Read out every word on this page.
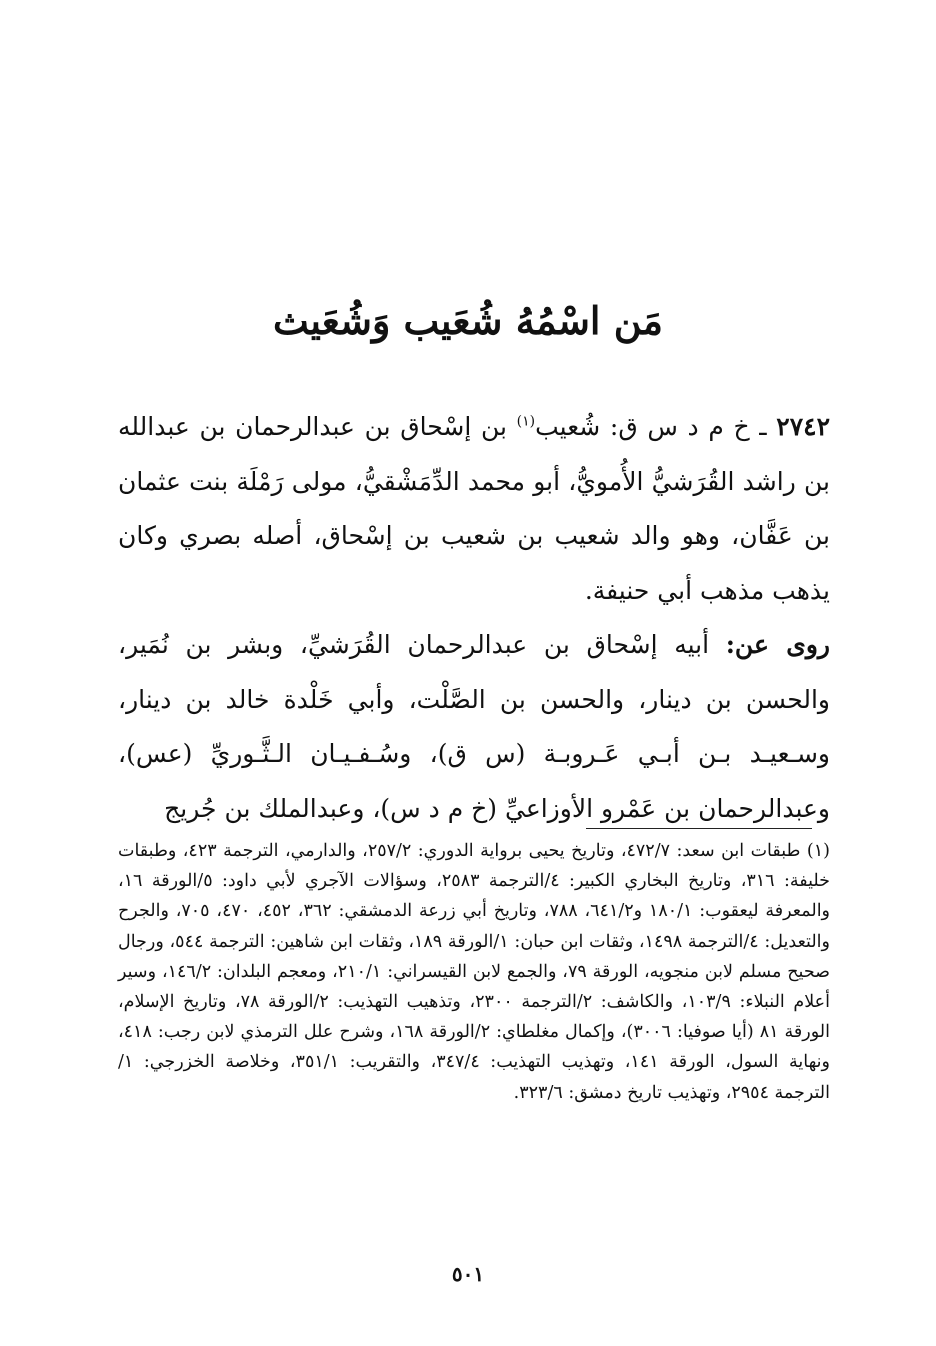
مَن اسْمُهُ شُعَيب وَشُعَيث

٢٧٤٢ ـ خ م د س ق: شُعيب$^{(١)}$ بن إسْحاق بن عبدالرحمان بن عبدالله بن راشد القُرَشيُّ الأُمويُّ، أبو محمد الدِّمَشْقيُّ، مولى رَمْلَة بنت عثمان بن عَفَّان، وهو والد شعيب بن شعيب بن إسْحاق، أصله بصري وكان يذهب مذهب أبي حنيفة.

روى عن: أبيه إسْحاق بن عبدالرحمان القُرَشيِّ، وبشر بن نُمَير، والحسن بن دينار، والحسن بن الصَّلْت، وأبي خَلْدة خالد بن دينار، وسـعيـد بـن أبـي عَـروبـة (س ق)، وسُـفـيـان الـثَّـوريِّ (عس)، وعبدالرحمان بن عَمْرو الأوزاعيِّ (خ م د س)، وعبدالملك بن جُريج

(١) طبقات ابن سعد: ٤٧٢/٧، وتاريخ يحيى برواية الدوري: ٢٥٧/٢، والدارمي، الترجمة ٤٢٣، وطبقات خليفة: ٣١٦، وتاريخ البخاري الكبير: ٤/الترجمة ٢٥٨٣، وسؤالات الآجري لأبي داود: ٥/الورقة ١٦، والمعرفة ليعقوب: ١٨٠/١ و٦٤١/٢، ٧٨٨، وتاريخ أبي زرعة الدمشقي: ٣٦٢، ٤٥٢، ٤٧٠، ٧٠٥، والجرح والتعديل: ٤/الترجمة ١٤٩٨، وثقات ابن حبان: ١/الورقة ١٨٩، وثقات ابن شاهين: الترجمة ٥٤٤، ورجال صحيح مسلم لابن منجويه، الورقة ٧٩، والجمع لابن القيسراني: ٢١٠/١، ومعجم البلدان: ١٤٦/٢، وسير أعلام النبلاء: ١٠٣/٩، والكاشف: ٢/الترجمة ٢٣٠٠، وتذهيب التهذيب: ٢/الورقة ٧٨، وتاريخ الإسلام، الورقة ٨١ (أيا صوفيا: ٣٠٠٦)، وإكمال مغلطاي: ٢/الورقة ١٦٨، وشرح علل الترمذي لابن رجب: ٤١٨، ونهاية السول، الورقة ١٤١، وتهذيب التهذيب: ٣٤٧/٤، والتقريب: ٣٥١/١، وخلاصة الخزرجي: ١/الترجمة ٢٩٥٤، وتهذيب تاريخ دمشق: ٣٢٣/٦.

٥٠١
